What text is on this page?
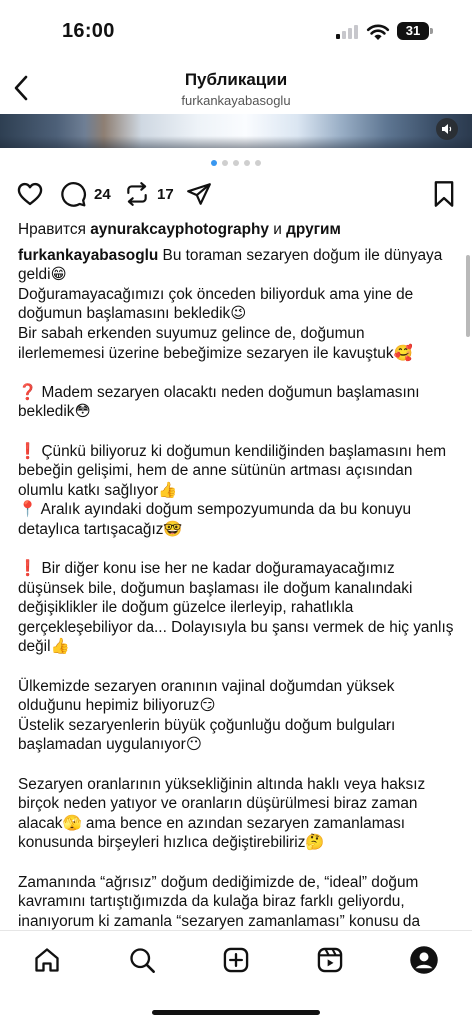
16:00	31
Публикации
furkankayabasoglu
24	17
Нравится aynurakcayphotography и другим

furkankayabasoglu Bu toraman sezaryen doğum ile dünyaya geldi😁

Doğuramayacağımızı çok önceden biliyorduk ama yine de doğumun başlamasını bekledik😉

Bir sabah erkenden suyumuz gelince de, doğumun ilerlememesi üzerine bebeğimize sezaryen ile kavuştuk🥰

❓ Madem sezaryen olacaktı neden doğumun başlamasını bekledik😳

❗ Çünkü biliyoruz ki doğumun kendiliğinden başlamasını hem bebeğin gelişimi, hem de anne sütünün artması açısından olumlu katkı sağlıyor👍

📍 Aralık ayındaki doğum sempozyumunda da bu konuyu detaylıca tartışacağız🤓

❗ Bir diğer konu ise her ne kadar doğuramayacağımız düşünsek bile, doğumun başlaması ile doğum kanalındaki değişiklikler ile doğum güzelce ilerleyip, rahatlıkla gerçekleşebiliyor da... Dolayısıyla bu şansı vermek de hiç yanlış değil👍

Ülkemizde sezaryen oranının vajinal doğumdan yüksek olduğunu hepimiz biliyoruz😏

Üstelik sezaryenlerin büyük çoğunluğu doğum bulguları başlamadan uygulanıyor😶

Sezaryen oranlarının yüksekliğinin altında haklı veya haksız birçok neden yatıyor ve oranların düşürülmesi biraz zaman alacak🫣 ama bence en azından sezaryen zamanlaması konusunda birşeyleri hızlıca değiştirebiliriz🤔

Zamanında “ağrısız” doğum dediğimizde de, “ideal” doğum kavramını tartıştığımızda da kulağa biraz farklı geliyordu, inanıyorum ki zamanla “sezaryen zamanlaması” konusu da
